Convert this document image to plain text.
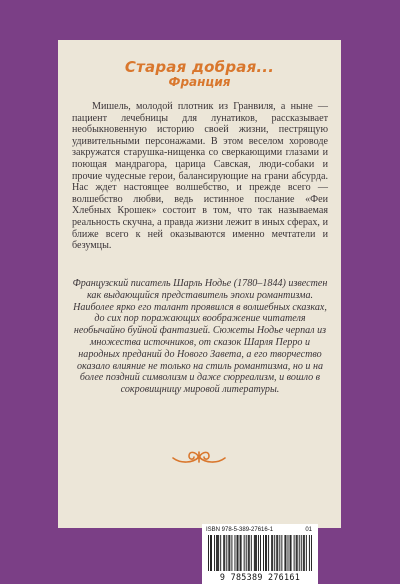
Старая добрая...
Франция

Мишель, молодой плотник из Гранвиля, а ныне — пациент лечебницы для лунатиков, рассказывает необыкновенную историю своей жизни, пестрящую удивительными персонажами. В этом веселом хороводе закружатся старушка-нищенка со сверкающими глазами и поющая мандрагора, царица Савская, люди-собаки и прочие чудесные герои, балансирующие на грани абсурда. Нас ждет настоящее волшебство, и прежде всего — волшебство любви, ведь истинное послание «Феи Хлебных Крошек» состоит в том, что так называемая реальность скучна, а правда жизни лежит в иных сферах, и ближе всего к ней оказываются именно мечтатели и безумцы.

Французский писатель Шарль Нодье (1780–1844) известен как выдающийся представитель эпохи романтизма. Наиболее ярко его талант проявился в волшебных сказках, до сих пор поражающих воображение читателя необычайно буйной фантазией. Сюжеты Нодье черпал из множества источников, от сказок Шарля Перро и народных преданий до Нового Завета, а его творчество оказало влияние не только на стиль романтизма, но и на более поздний символизм и даже сюрреализм, и вошло в сокровищницу мировой литературы.

ISBN 978-5-389-27616-1	01
9 785389 276161
